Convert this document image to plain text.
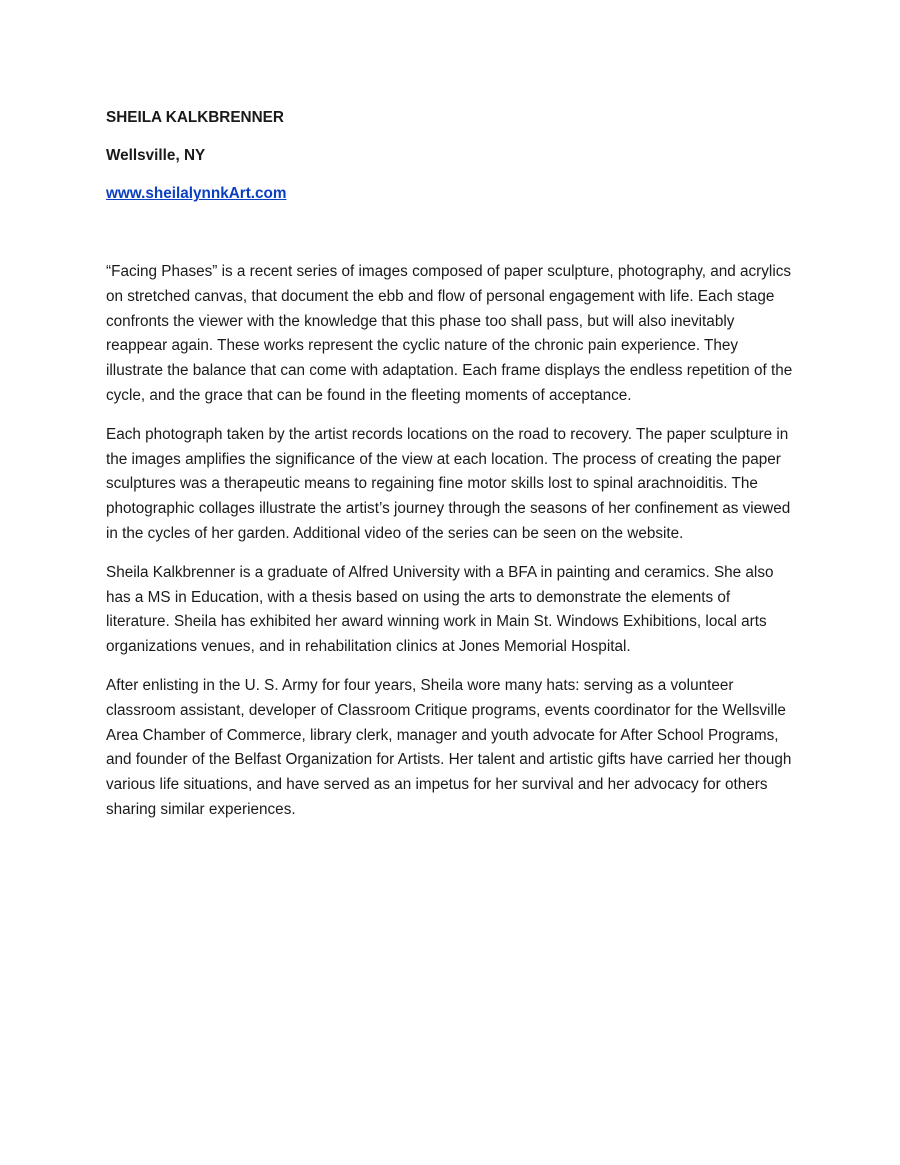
SHEILA KALKBRENNER
Wellsville, NY
www.sheilalynnkArt.com

“Facing Phases” is a recent series of images composed of paper sculpture, photography, and acrylics on stretched canvas, that document the ebb and flow of personal engagement with life. Each stage confronts the viewer with the knowledge that this phase too shall pass, but will also inevitably reappear again. These works represent the cyclic nature of the chronic pain experience. They illustrate the balance that can come with adaptation. Each frame displays the endless repetition of the cycle, and the grace that can be found in the fleeting moments of acceptance.

Each photograph taken by the artist records locations on the road to recovery. The paper sculpture in the images amplifies the significance of the view at each location. The process of creating the paper sculptures was a therapeutic means to regaining fine motor skills lost to spinal arachnoiditis. The photographic collages illustrate the artist’s journey through the seasons of her confinement as viewed in the cycles of her garden. Additional video of the series can be seen on the website.

Sheila Kalkbrenner is a graduate of Alfred University with a BFA in painting and ceramics. She also has a MS in Education, with a thesis based on using the arts to demonstrate the elements of literature. Sheila has exhibited her award winning work in Main St. Windows Exhibitions, local arts organizations venues, and in rehabilitation clinics at Jones Memorial Hospital.

After enlisting in the U. S. Army for four years, Sheila wore many hats: serving as a volunteer classroom assistant, developer of Classroom Critique programs, events coordinator for the Wellsville Area Chamber of Commerce, library clerk, manager and youth advocate for After School Programs, and founder of the Belfast Organization for Artists. Her talent and artistic gifts have carried her though various life situations, and have served as an impetus for her survival and her advocacy for others sharing similar experiences.
